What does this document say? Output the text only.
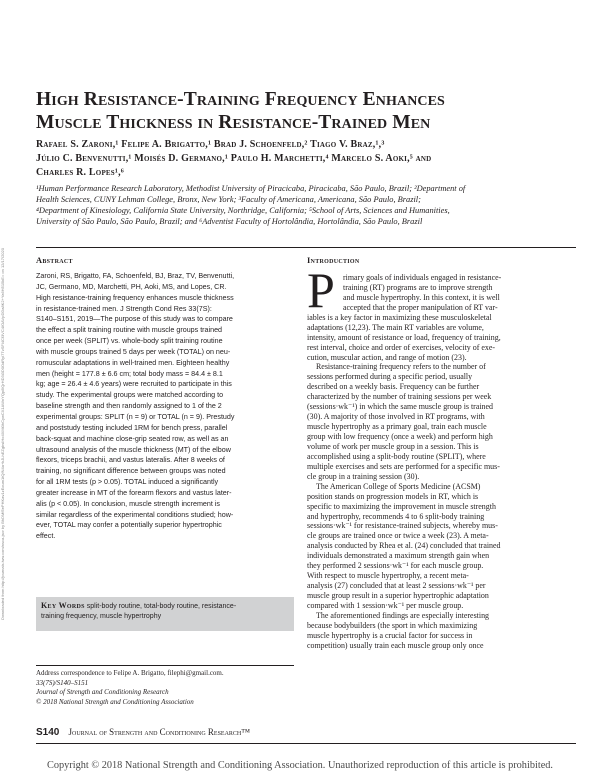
Downloaded from http://journals.lww.com/nsca-jscr by BhDMf5ePHKav1zEoum1tQfN4a+kJLhEZgbsIHo4XMi0hCywCX1AWnYQp/IlQrHD3i3D0OdRyi7TvSFl4Cf3VC4/OAVpDDa8K2+Ya6H515kE= on 12/17/2020
High Resistance-Training Frequency Enhances
Muscle Thickness in Resistance-Trained Men
Rafael S. Zaroni,¹ Felipe A. Brigatto,¹ Brad J. Schoenfeld,² Tiago V. Braz,¹,³
Júlio C. Benvenutti,¹ Moisés D. Germano,¹ Paulo H. Marchetti,⁴ Marcelo S. Aoki,⁵ and
Charles R. Lopes¹,⁶
¹Human Performance Research Laboratory, Methodist University of Piracicaba, Piracicaba, São Paulo, Brazil; ²Department of
Health Sciences, CUNY Lehman College, Bronx, New York; ³Faculty of Americana, Americana, São Paulo, Brazil;
⁴Department of Kinesiology, California State University, Northridge, California; ⁵School of Arts, Sciences and Humanities,
University of São Paulo, São Paulo, Brazil; and ⁶Adventist Faculty of Hortolândia, Hortolândia, São Paulo, Brazil
Abstract
Zaroni, RS, Brigatto, FA, Schoenfeld, BJ, Braz, TV, Benvenutti,
JC, Germano, MD, Marchetti, PH, Aoki, MS, and Lopes, CR.
High resistance-training frequency enhances muscle thickness
in resistance-trained men. J Strength Cond Res 33(7S):
S140–S151, 2019—The purpose of this study was to compare
the effect a split training routine with muscle groups trained
once per week (SPLIT) vs. whole-body split training routine
with muscle groups trained 5 days per week (TOTAL) on neu-
romuscular adaptations in well-trained men. Eighteen healthy
men (height = 177.8 ± 6.6 cm; total body mass = 84.4 ± 8.1
kg; age = 26.4 ± 4.6 years) were recruited to participate in this
study. The experimental groups were matched according to
baseline strength and then randomly assigned to 1 of the 2
experimental groups: SPLIT (n = 9) or TOTAL (n = 9). Prestudy
and poststudy testing included 1RM for bench press, parallel
back-squat and machine close-grip seated row, as well as an
ultrasound analysis of the muscle thickness (MT) of the elbow
flexors, triceps brachii, and vastus lateralis. After 8 weeks of
training, no significant difference between groups was noted
for all 1RM tests (p > 0.05). TOTAL induced a significantly
greater increase in MT of the forearm flexors and vastus later-
alis (p < 0.05). In conclusion, muscle strength increment is
similar regardless of the experimental conditions studied; how-
ever, TOTAL may confer a potentially superior hypertrophic
effect.
Key Words split-body routine, total-body routine, resistance-
training frequency, muscle hypertrophy
Address correspondence to Felipe A. Brigatto, filephi@gmail.com.
33(7S)/S140–S151
Journal of Strength and Conditioning Research
© 2018 National Strength and Conditioning Association
Introduction
P rimary goals of individuals engaged in resistance-
training (RT) programs are to improve strength
and muscle hypertrophy. In this context, it is well
accepted that the proper manipulation of RT var-
iables is a key factor in maximizing these musculoskeletal
adaptations (12,23). The main RT variables are volume,
intensity, amount of resistance or load, frequency of training,
rest interval, choice and order of exercises, velocity of exe-
cution, muscular action, and range of motion (23).
Resistance-training frequency refers to the number of
sessions performed during a specific period, usually
described on a weekly basis. Frequency can be further
characterized by the number of training sessions per week
(sessions·wk⁻¹) in which the same muscle group is trained
(30). A majority of those involved in RT programs, with
muscle hypertrophy as a primary goal, train each muscle
group with low frequency (once a week) and perform high
volume of work per muscle group in a session. This is
accomplished using a split-body routine (SPLIT), where
multiple exercises and sets are performed for a specific mus-
cle group in a training session (30).
The American College of Sports Medicine (ACSM)
position stands on progression models in RT, which is
specific to maximizing the improvement in muscle strength
and hypertrophy, recommends 4 to 6 split-body training
sessions·wk⁻¹ for resistance-trained subjects, whereby mus-
cle groups are trained once or twice a week (23). A meta-
analysis conducted by Rhea et al. (24) concluded that trained
individuals demonstrated a maximum strength gain when
they performed 2 sessions·wk⁻¹ for each muscle group.
With respect to muscle hypertrophy, a recent meta-
analysis (27) concluded that at least 2 sessions·wk⁻¹ per
muscle group result in a superior hypertrophic adaptation
compared with 1 session·wk⁻¹ per muscle group.
The aforementioned findings are especially interesting
because bodybuilders (the sport in which maximizing
muscle hypertrophy is a crucial factor for success in
competition) usually train each muscle group only once
S140 Journal of Strength and Conditioning Research™
Copyright © 2018 National Strength and Conditioning Association. Unauthorized reproduction of this article is prohibited.
